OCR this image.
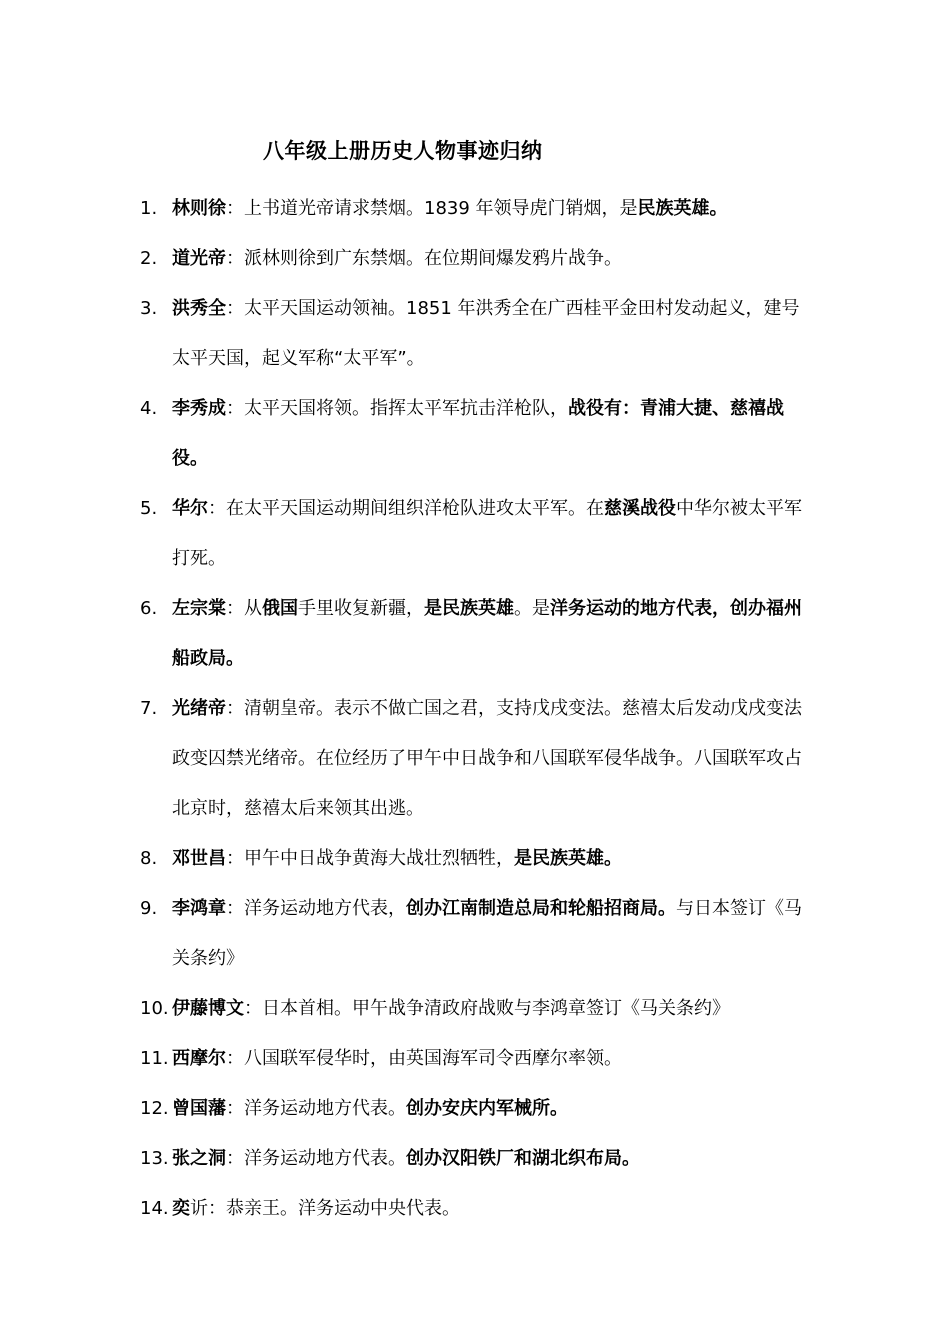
八年级上册历史人物事迹归纳
1. 林则徐：上书道光帝请求禁烟。1839 年领导虎门销烟，是民族英雄。
2. 道光帝：派林则徐到广东禁烟。在位期间爆发鸦片战争。
3. 洪秀全：太平天国运动领袖。1851 年洪秀全在广西桂平金田村发动起义，建号太平天国，起义军称“太平军”。
4. 李秀成：太平天国将领。指挥太平军抗击洋枪队，战役有：青浦大捷、慈禧战役。
5. 华尔：在太平天国运动期间组织洋枪队进攻太平军。在慈溪战役中华尔被太平军打死。
6. 左宗棠：从俄国手里收复新疆，是民族英雄。是洋务运动的地方代表，创办福州船政局。
7. 光绪帝：清朝皇帝。表示不做亡国之君，支持戊戌变法。慈禧太后发动戊戌变法政变囚禁光绪帝。在位经历了甲午中日战争和八国联军侵华战争。八国联军攻占北京时，慈禧太后来领其出逃。
8. 邓世昌：甲午中日战争黄海大战壮烈牺牲，是民族英雄。
9. 李鸿章：洋务运动地方代表，创办江南制造总局和轮船招商局。与日本签订《马关条约》
10. 伊藤博文：日本首相。甲午战争清政府战败与李鸿章签订《马关条约》
11. 西摩尔：八国联军侵华时，由英国海军司令西摩尔率领。
12. 曾国藩：洋务运动地方代表。创办安庆内军械所。
13. 张之洞：洋务运动地方代表。创办汉阳铁厂和湖北织布局。
14. 奕䜣：恭亲王。洋务运动中央代表。
